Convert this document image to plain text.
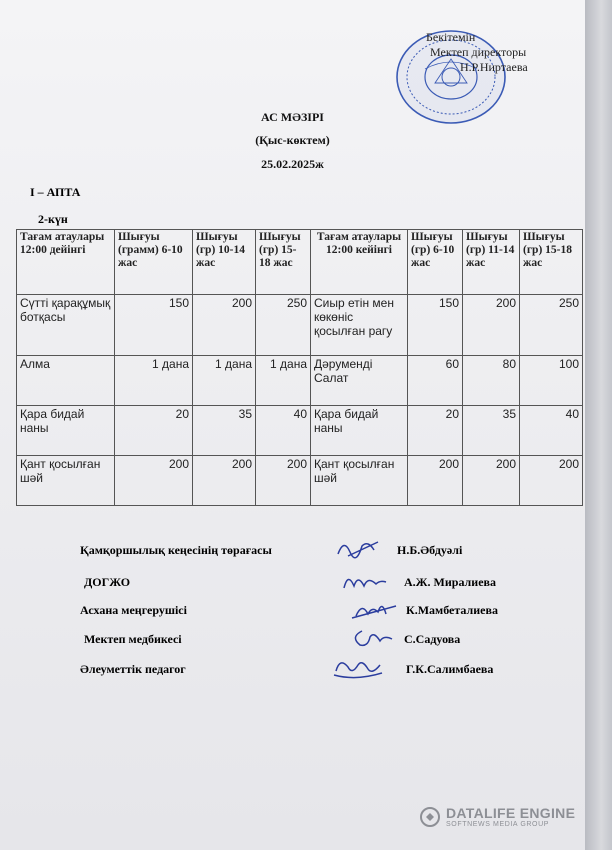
Бекітемін
Мектеп директоры
Н.Р.Ниртаева
АС МӘЗІРІ
(Қыс-көктем)
25.02.2025ж
I – АПТА
2-күн
Тағам атаулары 12:00 дейінгі	Шығуы (грамм) 6-10 жас	Шығуы (гр) 10-14 жас	Шығуы (гр) 15-18 жас	Тағам атаулары 12:00 кейінгі	Шығуы (гр) 6-10 жас	Шығуы (гр) 11-14 жас	Шығуы (гр) 15-18 жас
Сүтті қарақұмық ботқасы	150	200	250	Сиыр етін мен көкөніс қосылған рагу	150	200	250
Алма	1 дана	1 дана	1 дана	Дәруменді Салат	60	80	100
Қара бидай наны	20	35	40	Қара бидай наны	20	35	40
Қант қосылған шәй	200	200	200	Қант қосылған шәй	200	200	200
Қамқоршылық кеңесінің төрағасы	Н.Б.Әбдуәлі
ДОГЖО	А.Ж. Миралиева
Асхана меңгерушісі	К.Мамбеталиева
Мектеп медбикесі	С.Садуова
Әлеуметтік педагог	Г.К.Салимбаева
DATALIFE ENGINE
SOFTNEWS MEDIA GROUP
